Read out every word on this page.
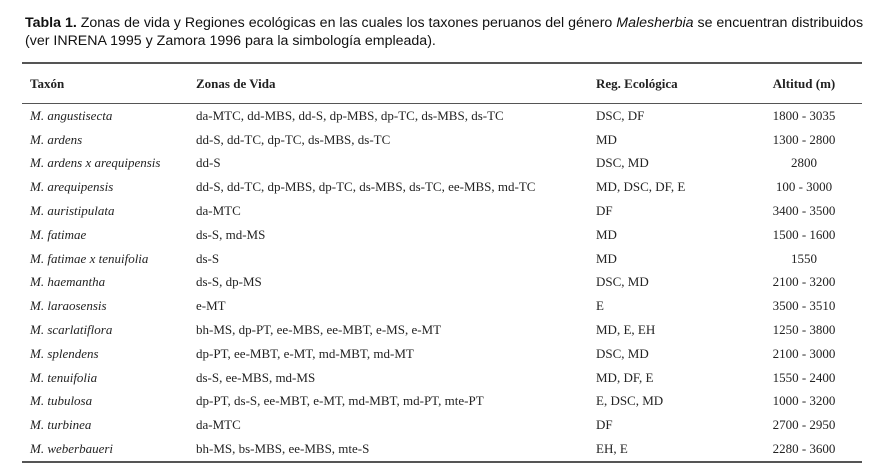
Tabla 1. Zonas de vida y Regiones ecológicas en las cuales los taxones peruanos del género Malesherbia se encuentran distribuidos (ver INRENA 1995 y Zamora 1996 para la simbología empleada).
Taxón	Zonas de Vida	Reg. Ecológica	Altitud (m)
M. angustisecta	da-MTC, dd-MBS, dd-S, dp-MBS, dp-TC, ds-MBS, ds-TC	DSC, DF	1800 - 3035
M. ardens	dd-S, dd-TC, dp-TC, ds-MBS, ds-TC	MD	1300 - 2800
M. ardens x arequipensis	dd-S	DSC, MD	2800
M. arequipensis	dd-S, dd-TC, dp-MBS, dp-TC, ds-MBS, ds-TC, ee-MBS, md-TC	MD, DSC, DF, E	100 - 3000
M. auristipulata	da-MTC	DF	3400 - 3500
M. fatimae	ds-S, md-MS	MD	1500 - 1600
M. fatimae x tenuifolia	ds-S	MD	1550
M. haemantha	ds-S, dp-MS	DSC, MD	2100 - 3200
M. laraosensis	e-MT	E	3500 - 3510
M. scarlatiflora	bh-MS, dp-PT, ee-MBS, ee-MBT, e-MS, e-MT	MD, E, EH	1250 - 3800
M. splendens	dp-PT, ee-MBT, e-MT, md-MBT, md-MT	DSC, MD	2100 - 3000
M. tenuifolia	ds-S, ee-MBS, md-MS	MD, DF, E	1550 - 2400
M. tubulosa	dp-PT, ds-S, ee-MBT, e-MT, md-MBT, md-PT, mte-PT	E, DSC, MD	1000 - 3200
M. turbinea	da-MTC	DF	2700 - 2950
M. weberbaueri	bh-MS, bs-MBS, ee-MBS, mte-S	EH, E	2280 - 3600
